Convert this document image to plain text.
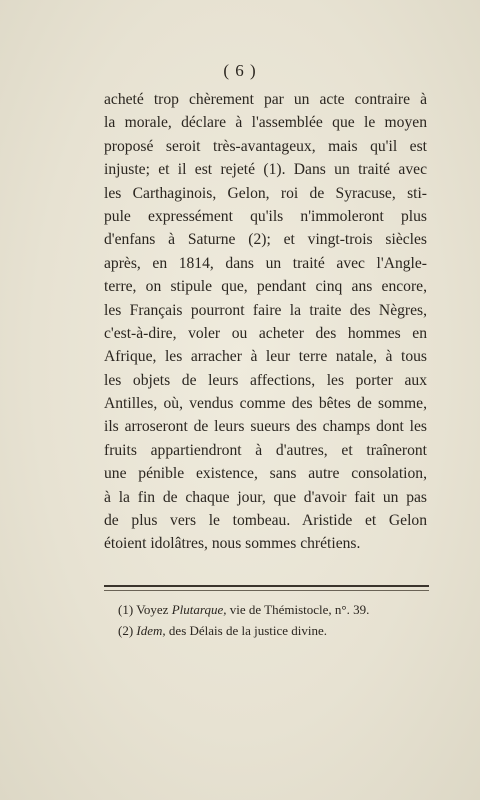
( 6 )
acheté trop chèrement par un acte contraire à
la morale, déclare à l'assemblée que le moyen
proposé seroit très-avantageux, mais qu'il est
injuste; et il est rejeté (1). Dans un traité avec
les Carthaginois, Gelon, roi de Syracuse, sti-
pule expressément qu'ils n'immoleront plus
d'enfans à Saturne (2); et vingt-trois siècles
après, en 1814, dans un traité avec l'Angle-
terre, on stipule que, pendant cinq ans encore,
les Français pourront faire la traite des Nègres,
c'est-à-dire, voler ou acheter des hommes en
Afrique, les arracher à leur terre natale, à tous
les objets de leurs affections, les porter aux
Antilles, où, vendus comme des bêtes de somme,
ils arroseront de leurs sueurs des champs dont les
fruits appartiendront à d'autres, et traîneront
une pénible existence, sans autre consolation,
à la fin de chaque jour, que d'avoir fait un pas
de plus vers le tombeau. Aristide et Gelon
étoient idolâtres, nous sommes chrétiens.
(1) Voyez Plutarque, vie de Thémistocle, n°. 39.
(2) Idem, des Délais de la justice divine.
